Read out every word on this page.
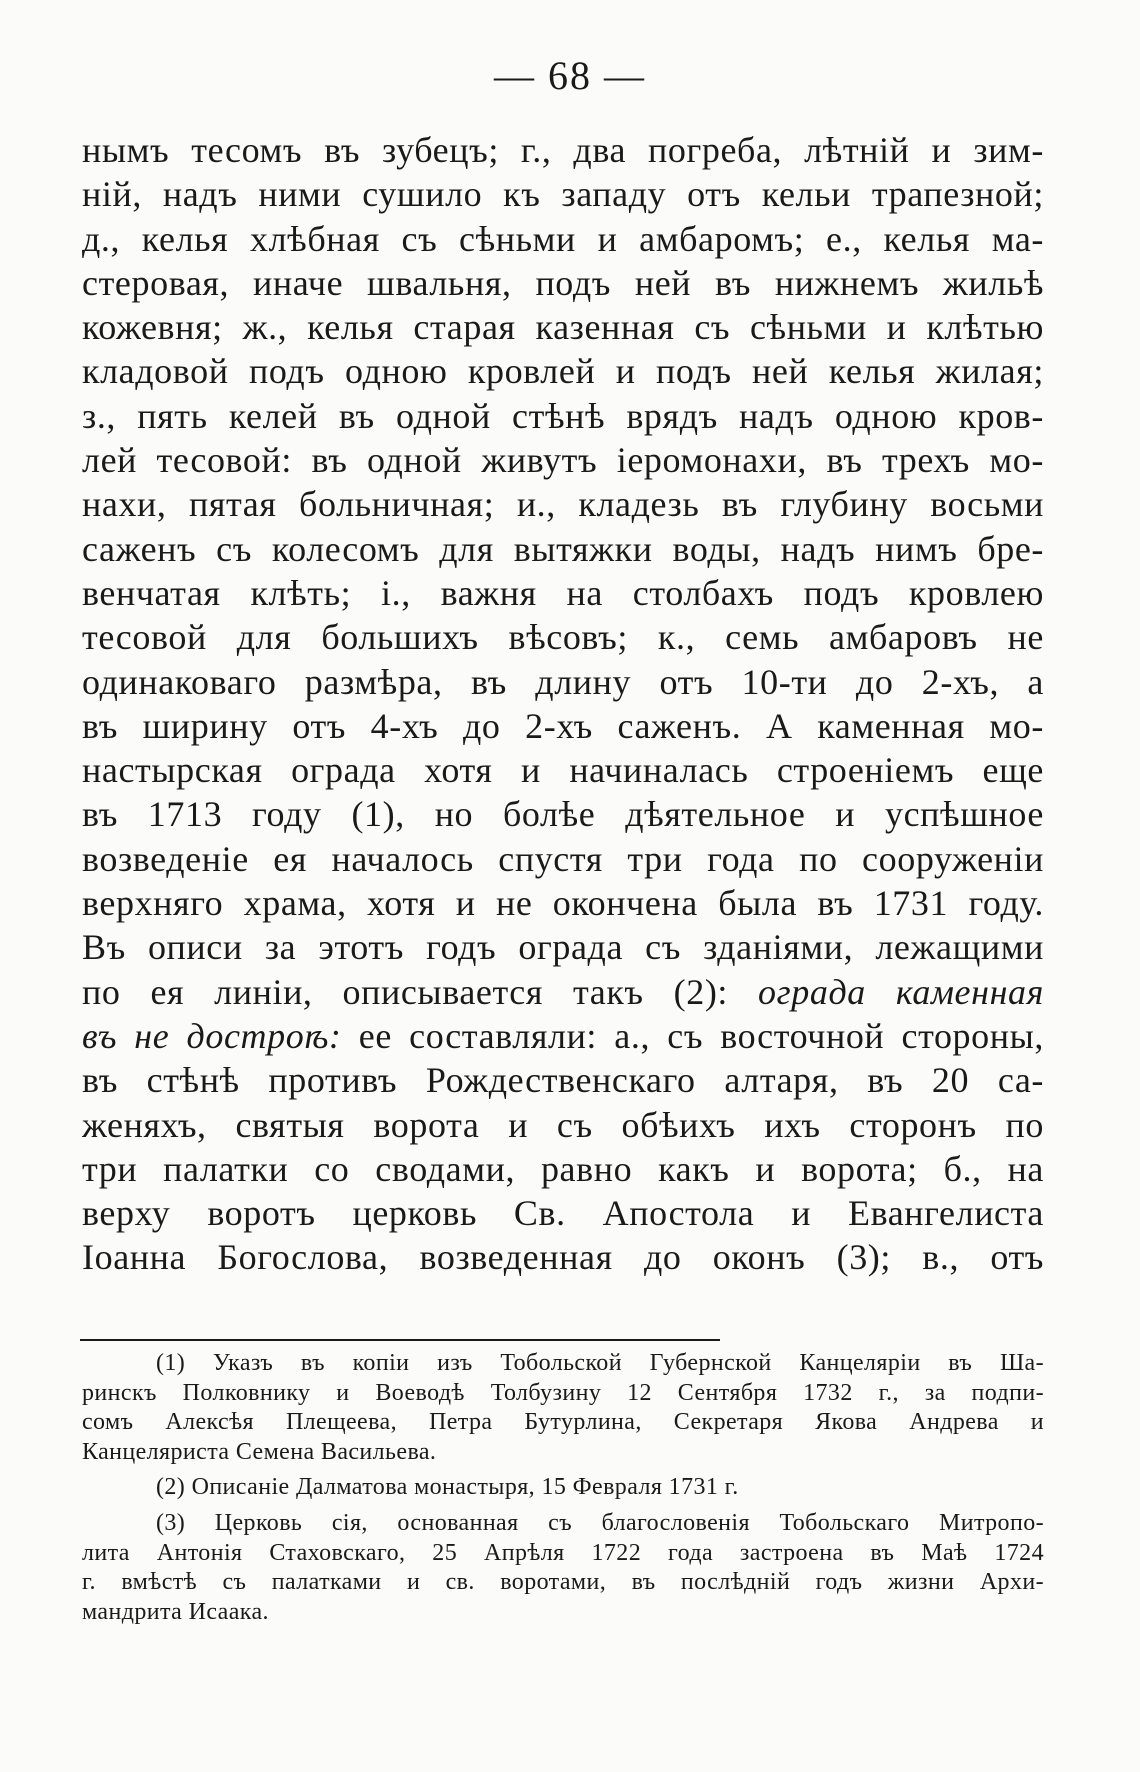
— 68 —
нымъ тесомъ въ зубецъ; г., два погреба, лѣтній и зим-
ній, надъ ними сушило къ западу отъ кельи трапезной;
д., келья хлѣбная съ сѣньми и амбаромъ; е., келья ма-
стеровая, иначе швальня, подъ ней въ нижнемъ жильѣ
кожевня; ж., келья старая казенная съ сѣньми и клѣтью
кладовой подъ одною кровлей и подъ ней келья жилая;
з., пять келей въ одной стѣнѣ врядъ надъ одною кров-
лей тесовой: въ одной живутъ іеромонахи, въ трехъ мо-
нахи, пятая больничная; и., кладезь въ глубину восьми
саженъ съ колесомъ для вытяжки воды, надъ нимъ бре-
венчатая клѣть; і., важня на столбахъ подъ кровлею
тесовой для большихъ вѣсовъ; к., семь амбаровъ не
одинаковаго размѣра, въ длину отъ 10-ти до 2-хъ, а
въ ширину отъ 4-хъ до 2-хъ саженъ. А каменная мо-
настырская ограда хотя и начиналась строеніемъ еще
въ 1713 году (1), но болѣе дѣятельное и успѣшное
возведеніе ея началось спустя три года по сооруженіи
верхняго храма, хотя и не окончена была въ 1731 году.
Въ описи за этотъ годъ ограда съ зданіями, лежащими
по ея линіи, описывается такъ (2): ограда каменная
въ не достроѣ: ее составляли: а., съ восточной стороны,
въ стѣнѣ противъ Рождественскаго алтаря, въ 20 са-
женяхъ, святыя ворота и съ обѣихъ ихъ сторонъ по
три палатки со сводами, равно какъ и ворота; б., на
верху воротъ церковь Св. Апостола и Евангелиста
Іоанна Богослова, возведенная до оконъ (3); в., отъ
(1) Указъ въ копіи изъ Тобольской Губернской Канцеляріи въ Ша-
ринскъ Полковнику и Воеводѣ Толбузину 12 Сентября 1732 г., за подпи-
сомъ Алексѣя Плещеева, Петра Бутурлина, Секретаря Якова Андрева и
Канцеляриста Семена Васильева.
(2) Описаніе Далматова монастыря, 15 Февраля 1731 г.
(3) Церковь сія, основанная съ благословенія Тобольскаго Митропо-
лита Антонія Стаховскаго, 25 Апрѣля 1722 года застроена въ Маѣ 1724
г. вмѣстѣ съ палатками и св. воротами, въ послѣдній годъ жизни Архи-
мандрита Исаака.
